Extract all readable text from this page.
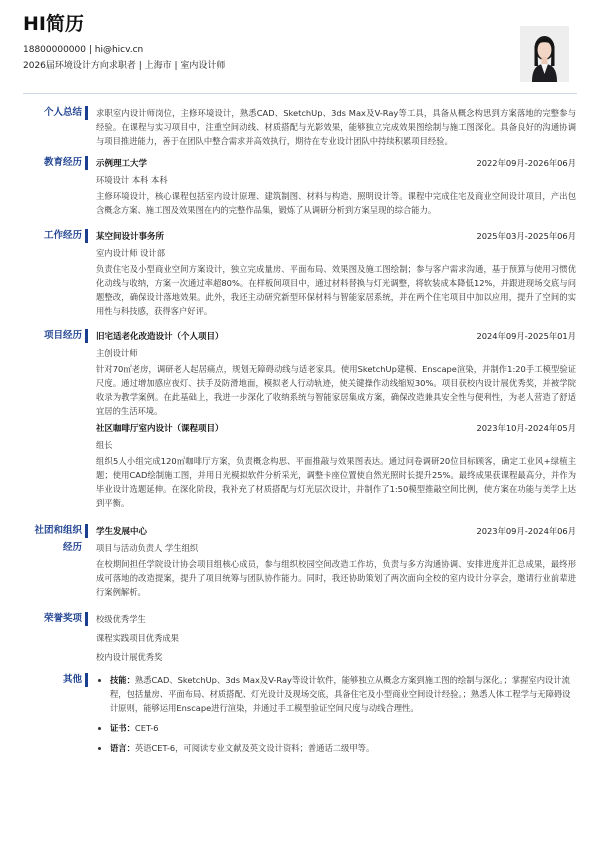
HI简历
18800000000 | hi@hicv.cn
2026届环境设计方向求职者 | 上海市 | 室内设计师
个人总结 求职室内设计师岗位，主修环境设计，熟悉CAD、SketchUp、3ds Max及V-Ray等工具，具备从概念构思到方案落地的完整参与经验。在课程与实习项目中，注重空间动线、材质搭配与光影效果，能够独立完成效果图绘制与施工图深化。具备良好的沟通协调与项目推进能力，善于在团队中整合需求并高效执行，期待在专业设计团队中持续积累项目经验。
教育经历 示例理工大学	2022年09月-2026年06月
环境设计 本科 本科
主修环境设计，核心课程包括室内设计原理、建筑制图、材料与构造、照明设计等。课程中完成住宅及商业空间设计项目，产出包含概念方案、施工图及效果图在内的完整作品集，锻炼了从调研分析到方案呈现的综合能力。
工作经历 某空间设计事务所	2025年03月-2025年06月
室内设计师 设计部
负责住宅及小型商业空间方案设计，独立完成量房、平面布局、效果图及施工图绘制；参与客户需求沟通，基于预算与使用习惯优化动线与收纳，方案一次通过率超80%。在样板间项目中，通过材料替换与灯光调整，将软装成本降低12%，并跟进现场交底与问题整改，确保设计落地效果。此外，我还主动研究新型环保材料与智能家居系统，并在两个住宅项目中加以应用，提升了空间的实用性与科技感，获得客户好评。
项目经历 旧宅适老化改造设计（个人项目）	2024年09月-2025年01月
主创设计师
针对70㎡老房，调研老人起居痛点，规划无障碍动线与适老家具。使用SketchUp建模、Enscape渲染，并制作1:20手工模型验证尺度。通过增加感应夜灯、扶手及防滑地面，模拟老人行动轨迹，使关键操作动线缩短30%。项目获校内设计展优秀奖，并被学院收录为教学案例。在此基础上，我进一步深化了收纳系统与智能家居集成方案，确保改造兼具安全性与便利性，为老人营造了舒适宜居的生活环境。
社区咖啡厅室内设计（课程项目）	2023年10月-2024年05月
组长
组织5人小组完成120㎡咖啡厅方案，负责概念构思、平面推敲与效果图表达。通过问卷调研20位目标顾客，确定工业风+绿植主题；使用CAD绘制施工图，并用日光模拟软件分析采光，调整卡座位置使自然光照时长提升25%。最终成果获课程最高分，并作为毕业设计选题延伸。在深化阶段，我补充了材质搭配与灯光层次设计，并制作了1:50模型推敲空间比例，使方案在功能与美学上达到平衡。
社团和组织
经历
学生发展中心	2023年09月-2024年06月
项目与活动负责人 学生组织
在校期间担任学院设计协会项目组核心成员，参与组织校园空间改造工作坊，负责与多方沟通协调、安排进度并汇总成果，最终形成可落地的改造提案，提升了项目统筹与团队协作能力。同时，我还协助策划了两次面向全校的室内设计分享会，邀请行业前辈进行案例解析。
荣誉奖项 校级优秀学生
课程实践项目优秀成果
校内设计展优秀奖
其他
•	技能：熟悉CAD、SketchUp、3ds Max及V-Ray等设计软件，能够独立从概念方案到施工图的绘制与深化。；掌握室内设计流程，包括量房、平面布局、材质搭配、灯光设计及现场交底，具备住宅及小型商业空间设计经验。；熟悉人体工程学与无障碍设计原则，能够运用Enscape进行渲染，并通过手工模型验证空间尺度与动线合理性。
• 证书：CET-6
• 语言：英语CET-6，可阅读专业文献及英文设计资料；普通话二级甲等。
